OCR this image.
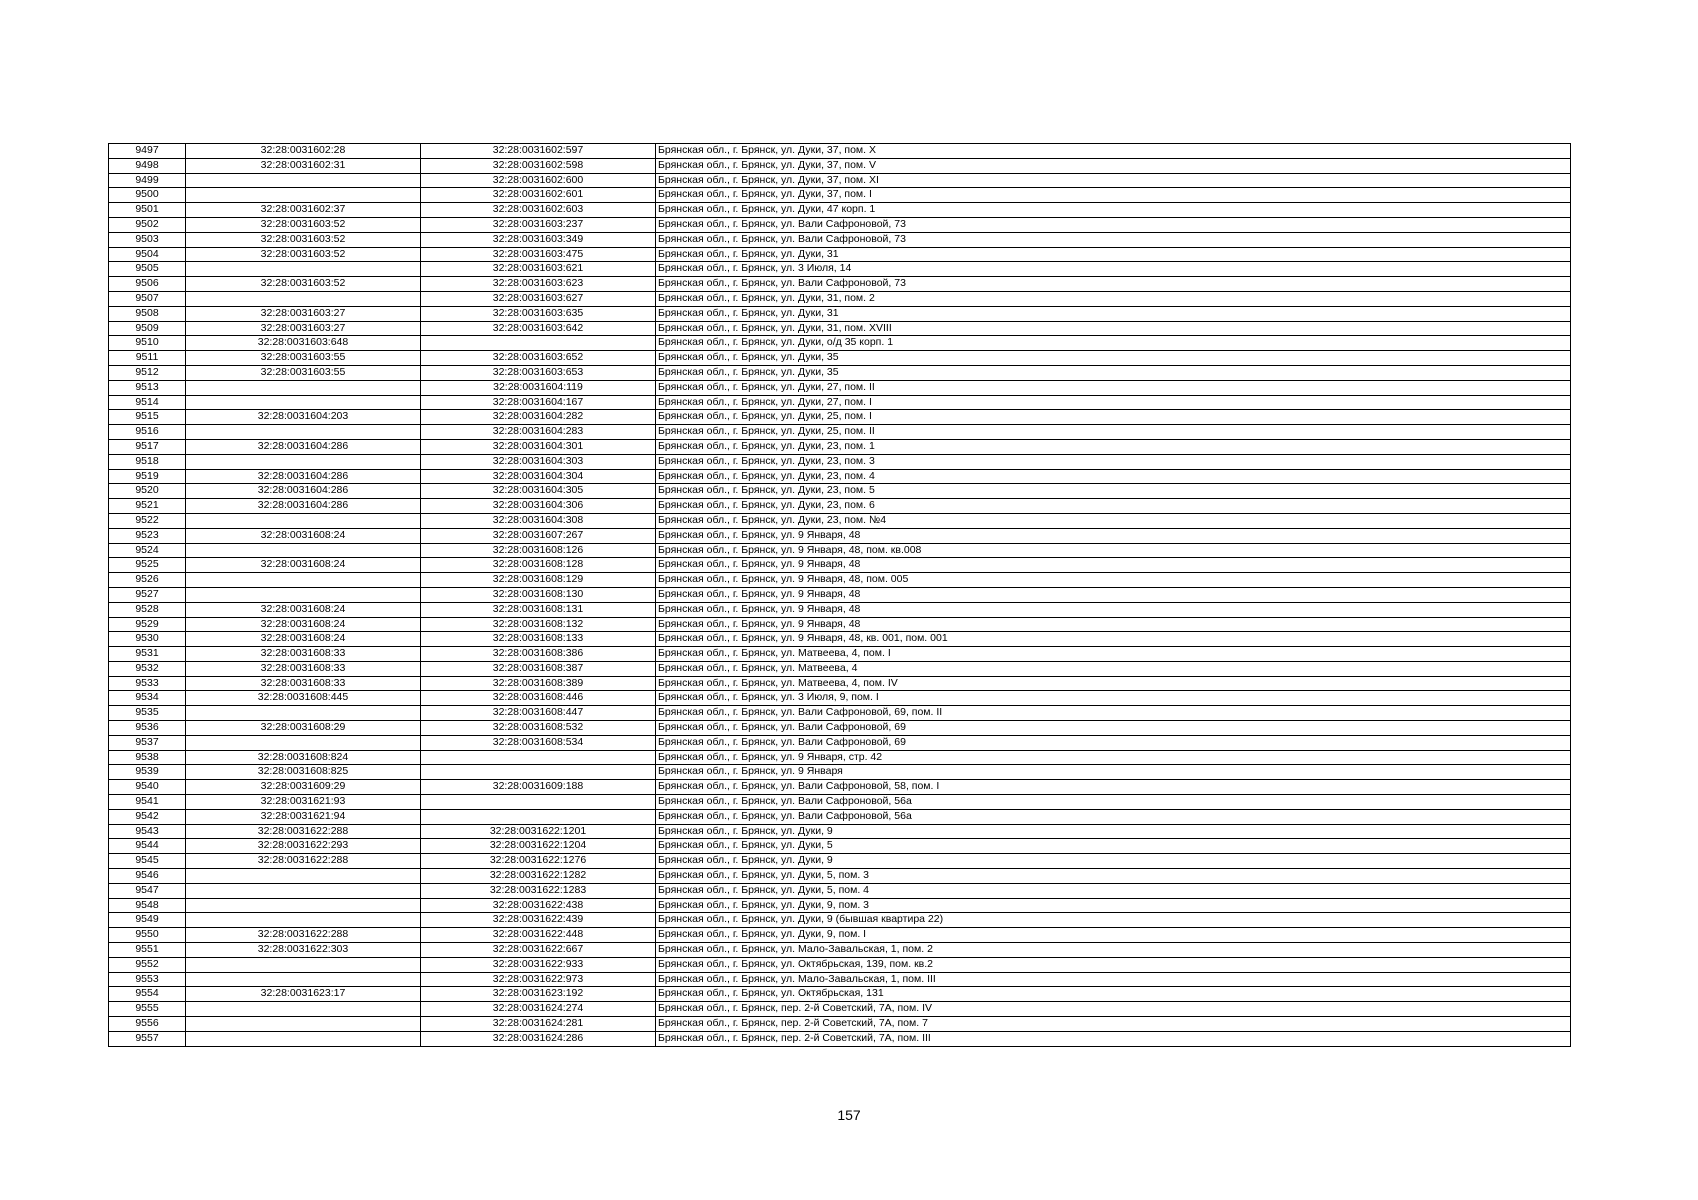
9497	32:28:0031602:28	32:28:0031602:597	Брянская обл., г. Брянск, ул. Дуки, 37, пом. X
9498	32:28:0031602:31	32:28:0031602:598	Брянская обл., г. Брянск, ул. Дуки, 37, пом. V
9499		32:28:0031602:600	Брянская обл., г. Брянск, ул. Дуки, 37, пом. XI
9500		32:28:0031602:601	Брянская обл., г. Брянск, ул. Дуки, 37, пом. I
9501	32:28:0031602:37	32:28:0031602:603	Брянская обл., г. Брянск, ул. Дуки, 47 корп. 1
9502	32:28:0031603:52	32:28:0031603:237	Брянская обл., г. Брянск, ул. Вали Сафроновой, 73
9503	32:28:0031603:52	32:28:0031603:349	Брянская обл., г. Брянск, ул. Вали Сафроновой, 73
9504	32:28:0031603:52	32:28:0031603:475	Брянская обл., г. Брянск, ул. Дуки, 31
9505		32:28:0031603:621	Брянская обл., г. Брянск, ул. 3 Июля, 14
9506	32:28:0031603:52	32:28:0031603:623	Брянская обл., г. Брянск, ул. Вали Сафроновой, 73
9507		32:28:0031603:627	Брянская обл., г. Брянск, ул. Дуки, 31, пом. 2
9508	32:28:0031603:27	32:28:0031603:635	Брянская обл., г. Брянск, ул. Дуки, 31
9509	32:28:0031603:27	32:28:0031603:642	Брянская обл., г. Брянск, ул. Дуки, 31, пом. XVIII
9510	32:28:0031603:648		Брянская обл., г. Брянск, ул. Дуки, о/д 35 корп. 1
9511	32:28:0031603:55	32:28:0031603:652	Брянская обл., г. Брянск, ул. Дуки, 35
9512	32:28:0031603:55	32:28:0031603:653	Брянская обл., г. Брянск, ул. Дуки, 35
9513		32:28:0031604:119	Брянская обл., г. Брянск, ул. Дуки, 27, пом. II
9514		32:28:0031604:167	Брянская обл., г. Брянск, ул. Дуки, 27, пом. I
9515	32:28:0031604:203	32:28:0031604:282	Брянская обл., г. Брянск, ул. Дуки, 25, пом. I
9516		32:28:0031604:283	Брянская обл., г. Брянск, ул. Дуки, 25, пом. II
9517	32:28:0031604:286	32:28:0031604:301	Брянская обл., г. Брянск, ул. Дуки, 23, пом. 1
9518		32:28:0031604:303	Брянская обл., г. Брянск, ул. Дуки, 23, пом. 3
9519	32:28:0031604:286	32:28:0031604:304	Брянская обл., г. Брянск, ул. Дуки, 23, пом. 4
9520	32:28:0031604:286	32:28:0031604:305	Брянская обл., г. Брянск, ул. Дуки, 23, пом. 5
9521	32:28:0031604:286	32:28:0031604:306	Брянская обл., г. Брянск, ул. Дуки, 23, пом. 6
9522		32:28:0031604:308	Брянская обл., г. Брянск, ул. Дуки, 23, пом. №4
9523	32:28:0031608:24	32:28:0031607:267	Брянская обл., г. Брянск, ул. 9 Января, 48
9524		32:28:0031608:126	Брянская обл., г. Брянск, ул. 9 Января, 48, пом. кв.008
9525	32:28:0031608:24	32:28:0031608:128	Брянская обл., г. Брянск, ул. 9 Января, 48
9526		32:28:0031608:129	Брянская обл., г. Брянск, ул. 9 Января, 48, пом. 005
9527		32:28:0031608:130	Брянская обл., г. Брянск, ул. 9 Января, 48
9528	32:28:0031608:24	32:28:0031608:131	Брянская обл., г. Брянск, ул. 9 Января, 48
9529	32:28:0031608:24	32:28:0031608:132	Брянская обл., г. Брянск, ул. 9 Января, 48
9530	32:28:0031608:24	32:28:0031608:133	Брянская обл., г. Брянск, ул. 9 Января, 48, кв. 001, пом. 001
9531	32:28:0031608:33	32:28:0031608:386	Брянская обл., г. Брянск, ул. Матвеева, 4, пом. I
9532	32:28:0031608:33	32:28:0031608:387	Брянская обл., г. Брянск, ул. Матвеева, 4
9533	32:28:0031608:33	32:28:0031608:389	Брянская обл., г. Брянск, ул. Матвеева, 4, пом. IV
9534	32:28:0031608:445	32:28:0031608:446	Брянская обл., г. Брянск, ул. 3 Июля, 9, пом. I
9535		32:28:0031608:447	Брянская обл., г. Брянск, ул. Вали Сафроновой, 69, пом. II
9536	32:28:0031608:29	32:28:0031608:532	Брянская обл., г. Брянск, ул. Вали Сафроновой, 69
9537		32:28:0031608:534	Брянская обл., г. Брянск, ул. Вали Сафроновой, 69
9538	32:28:0031608:824		Брянская обл., г. Брянск, ул. 9 Января, стр. 42
9539	32:28:0031608:825		Брянская обл., г. Брянск, ул. 9 Января
9540	32:28:0031609:29	32:28:0031609:188	Брянская обл., г. Брянск, ул. Вали Сафроновой, 58, пом. I
9541	32:28:0031621:93		Брянская обл., г. Брянск, ул. Вали Сафроновой, 56а
9542	32:28:0031621:94		Брянская обл., г. Брянск, ул. Вали Сафроновой, 56а
9543	32:28:0031622:288	32:28:0031622:1201	Брянская обл., г. Брянск, ул. Дуки, 9
9544	32:28:0031622:293	32:28:0031622:1204	Брянская обл., г. Брянск, ул. Дуки, 5
9545	32:28:0031622:288	32:28:0031622:1276	Брянская обл., г. Брянск, ул. Дуки, 9
9546		32:28:0031622:1282	Брянская обл., г. Брянск, ул. Дуки, 5, пом. 3
9547		32:28:0031622:1283	Брянская обл., г. Брянск, ул. Дуки, 5, пом. 4
9548		32:28:0031622:438	Брянская обл., г. Брянск, ул. Дуки, 9, пом. 3
9549		32:28:0031622:439	Брянская обл., г. Брянск, ул. Дуки, 9 (бывшая квартира 22)
9550	32:28:0031622:288	32:28:0031622:448	Брянская обл., г. Брянск, ул. Дуки, 9, пом. I
9551	32:28:0031622:303	32:28:0031622:667	Брянская обл., г. Брянск, ул. Мало-Завальская, 1, пом. 2
9552		32:28:0031622:933	Брянская обл., г. Брянск, ул. Октябрьская, 139, пом. кв.2
9553		32:28:0031622:973	Брянская обл., г. Брянск, ул. Мало-Завальская, 1, пом. III
9554	32:28:0031623:17	32:28:0031623:192	Брянская обл., г. Брянск, ул. Октябрьская, 131
9555		32:28:0031624:274	Брянская обл., г. Брянск, пер. 2-й Советский, 7А, пом. IV
9556		32:28:0031624:281	Брянская обл., г. Брянск, пер. 2-й Советский, 7А, пом. 7
9557		32:28:0031624:286	Брянская обл., г. Брянск, пер. 2-й Советский, 7А, пом. III
157
